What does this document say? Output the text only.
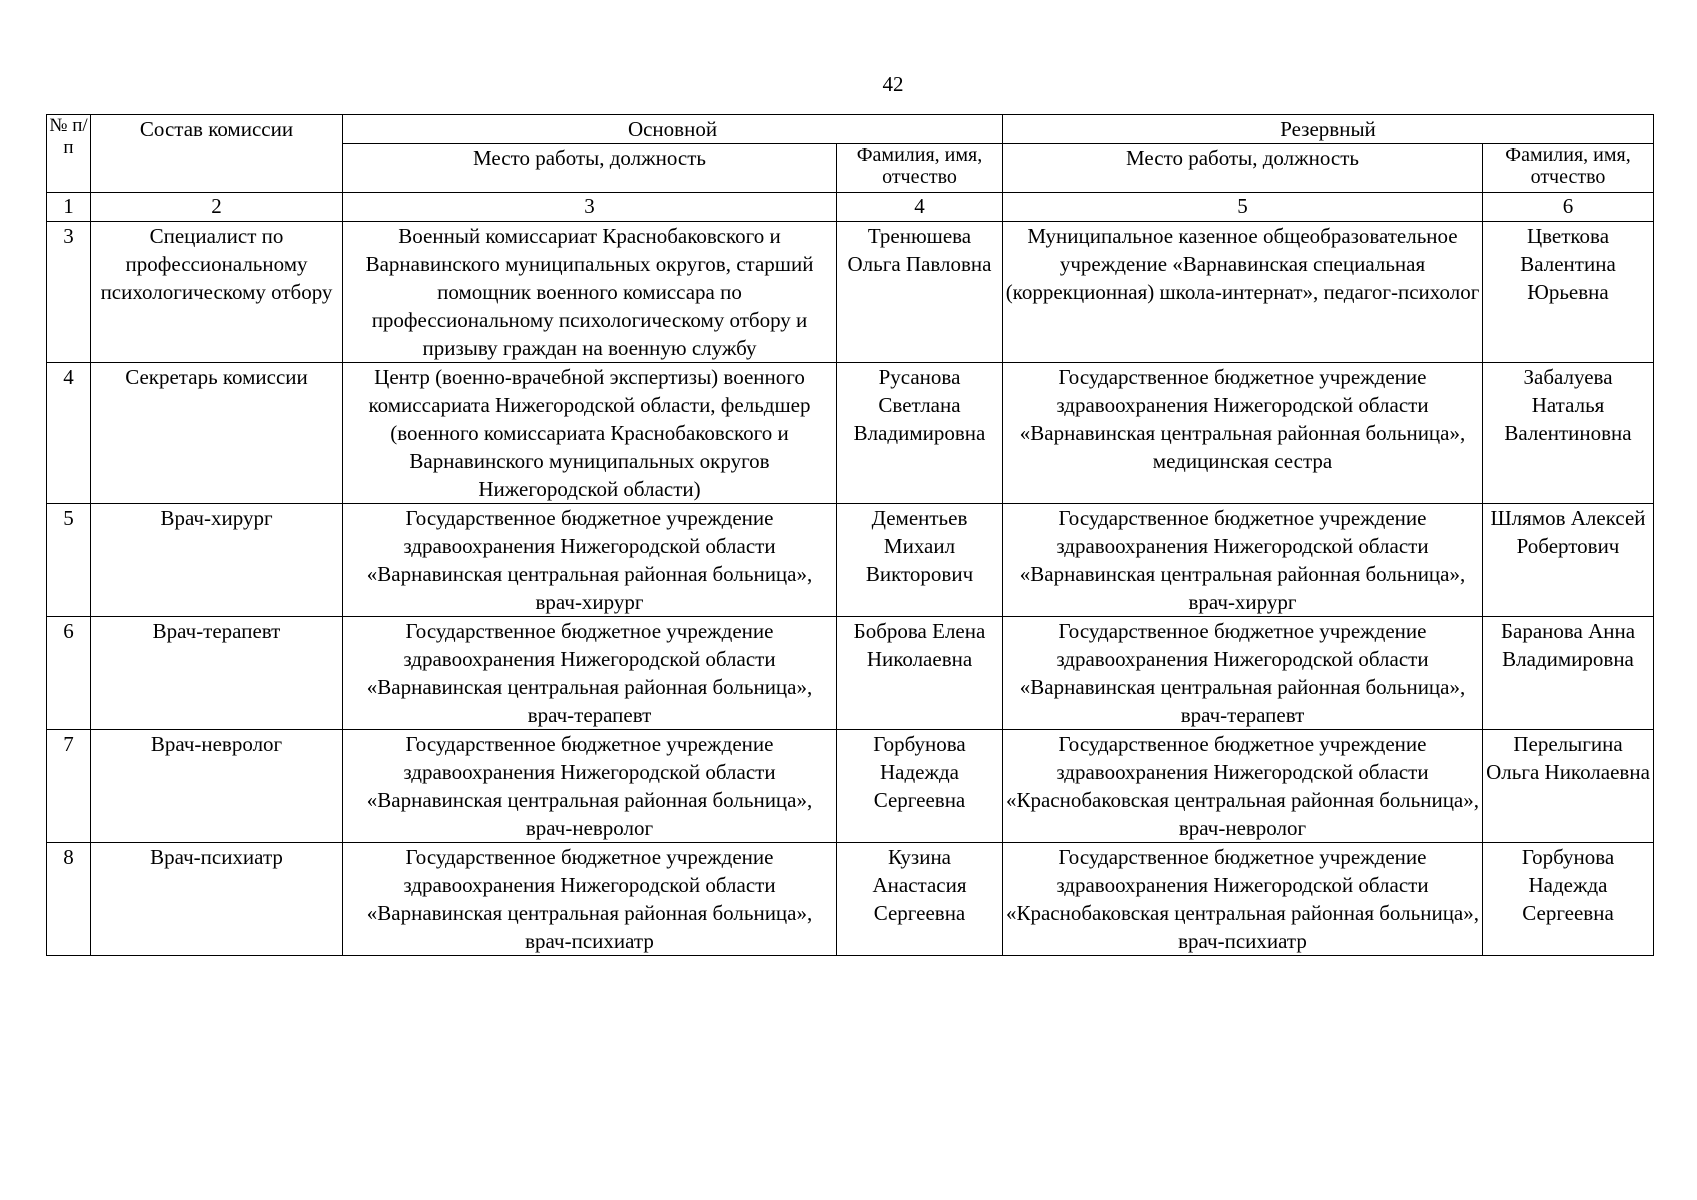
42
№ п/п	Состав комиссии	Основной		Резервный	
		Место работы, должность	Фамилия, имя, отчество	Место работы, должность	Фамилия, имя, отчество
1	2	3	4	5	6
3	Специалист по профессиональному психологическому отбору	Военный комиссариат Краснобаковского и Варнавинского муниципальных округов, старший помощник военного комиссара по профессиональному психологическому отбору и призыву граждан на военную службу	Тренюшева Ольга Павловна	Муниципальное казенное общеобразовательное учреждение «Варнавинская специальная (коррекционная) школа-интернат», педагог-психолог	Цветкова Валентина Юрьевна
4	Секретарь комиссии	Центр (военно-врачебной экспертизы) военного комиссариата Нижегородской области, фельдшер (военного комиссариата Краснобаковского и Варнавинского муниципальных округов Нижегородской области)	Русанова Светлана Владимировна	Государственное бюджетное учреждение здравоохранения Нижегородской области «Варнавинская центральная районная больница», медицинская сестра	Забалуева Наталья Валентиновна
5	Врач-хирург	Государственное бюджетное учреждение здравоохранения Нижегородской области «Варнавинская центральная районная больница», врач-хирург	Дементьев Михаил Викторович	Государственное бюджетное учреждение здравоохранения Нижегородской области «Варнавинская центральная районная больница», врач-хирург	Шлямов Алексей Робертович
6	Врач-терапевт	Государственное бюджетное учреждение здравоохранения Нижегородской области «Варнавинская центральная районная больница», врач-терапевт	Боброва Елена Николаевна	Государственное бюджетное учреждение здравоохранения Нижегородской области «Варнавинская центральная районная больница», врач-терапевт	Баранова Анна Владимировна
7	Врач-невролог	Государственное бюджетное учреждение здравоохранения Нижегородской области «Варнавинская центральная районная больница», врач-невролог	Горбунова Надежда Сергеевна	Государственное бюджетное учреждение здравоохранения Нижегородской области «Краснобаковская центральная районная больница», врач-невролог	Перелыгина Ольга Николаевна
8	Врач-психиатр	Государственное бюджетное учреждение здравоохранения Нижегородской области «Варнавинская центральная районная больница», врач-психиатр	Кузина Анастасия Сергеевна	Государственное бюджетное учреждение здравоохранения Нижегородской области «Краснобаковская центральная районная больница», врач-психиатр	Горбунова Надежда Сергеевна
